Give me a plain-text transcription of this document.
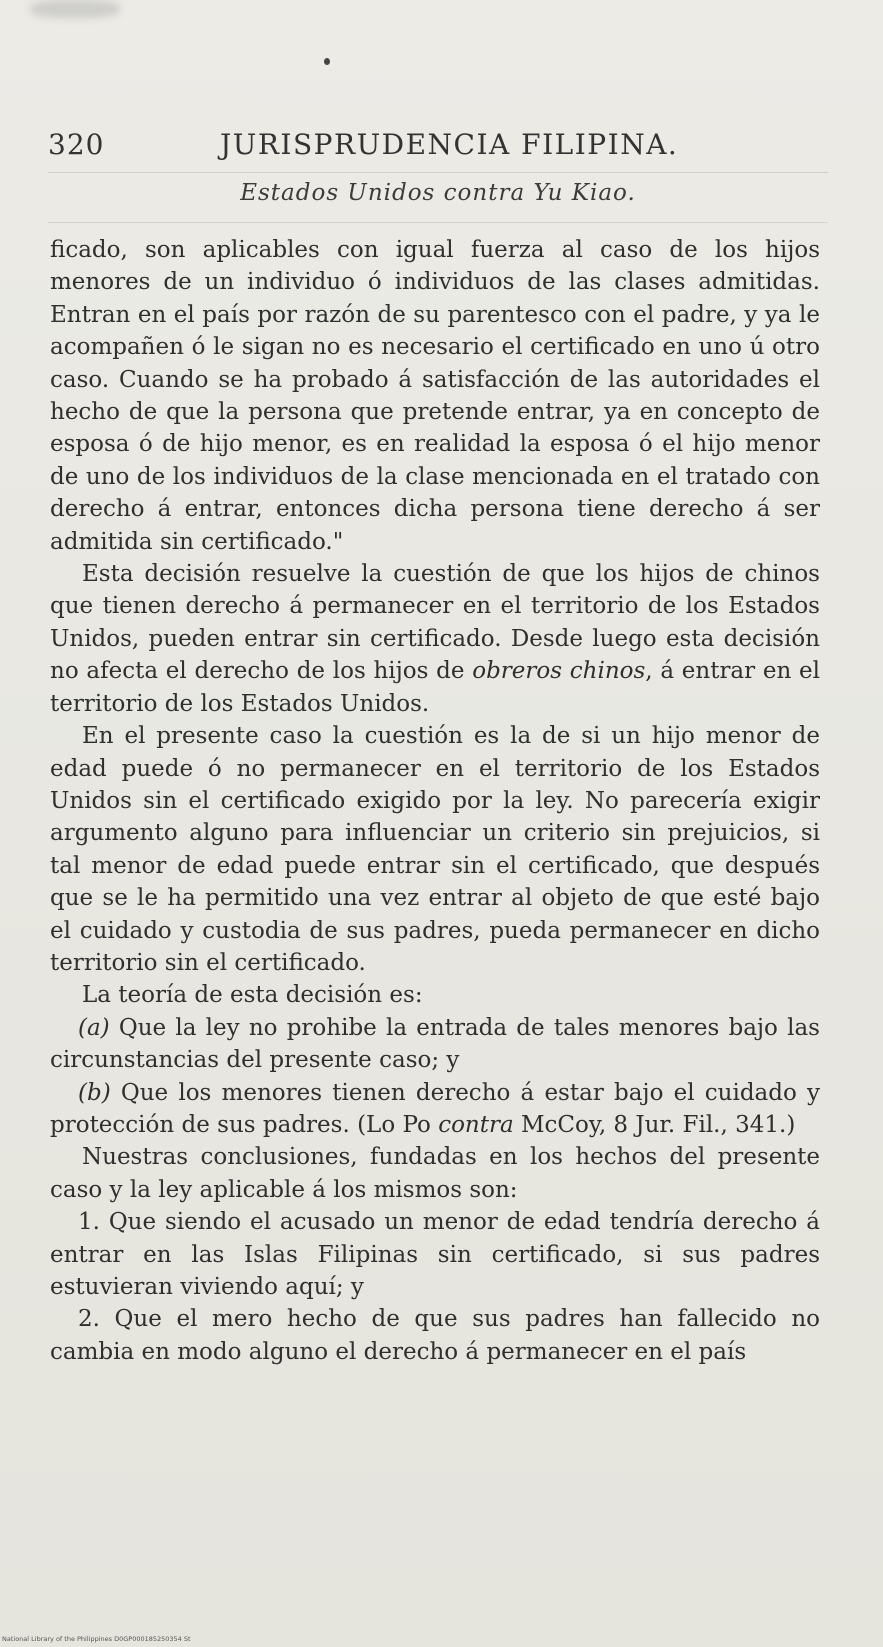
320	JURISPRUDENCIA FILIPINA.
Estados Unidos contra Yu Kiao.

ficado, son aplicables con igual fuerza al caso de los hijos menores de un individuo ó individuos de las clases admitidas. Entran en el país por razón de su parentesco con el padre, y ya le acompañen ó le sigan no es necesario el certificado en uno ú otro caso. Cuando se ha probado á satisfacción de las autoridades el hecho de que la persona que pretende entrar, ya en concepto de esposa ó de hijo menor, es en realidad la esposa ó el hijo menor de uno de los individuos de la clase mencionada en el tratado con derecho á entrar, entonces dicha persona tiene derecho á ser admitida sin certificado."

Esta decisión resuelve la cuestión de que los hijos de chinos que tienen derecho á permanecer en el territorio de los Estados Unidos, pueden entrar sin certificado. Desde luego esta decisión no afecta el derecho de los hijos de obreros chinos, á entrar en el territorio de los Estados Unidos.

En el presente caso la cuestión es la de si un hijo menor de edad puede ó no permanecer en el territorio de los Estados Unidos sin el certificado exigido por la ley. No parecería exigir argumento alguno para influenciar un criterio sin prejuicios, si tal menor de edad puede entrar sin el certificado, que después que se le ha permitido una vez entrar al objeto de que esté bajo el cuidado y custodia de sus padres, pueda permanecer en dicho territorio sin el certificado.

La teoría de esta decisión es:

(a) Que la ley no prohibe la entrada de tales menores bajo las circunstancias del presente caso; y

(b) Que los menores tienen derecho á estar bajo el cuidado y protección de sus padres. (Lo Po contra McCoy, 8 Jur. Fil., 341.)

Nuestras conclusiones, fundadas en los hechos del presente caso y la ley aplicable á los mismos son:

1. Que siendo el acusado un menor de edad tendría derecho á entrar en las Islas Filipinas sin certificado, si sus padres estuvieran viviendo aquí; y

2. Que el mero hecho de que sus padres han fallecido no cambia en modo alguno el derecho á permanecer en el país

National Library of the Philippines D0GP000185250354 St
